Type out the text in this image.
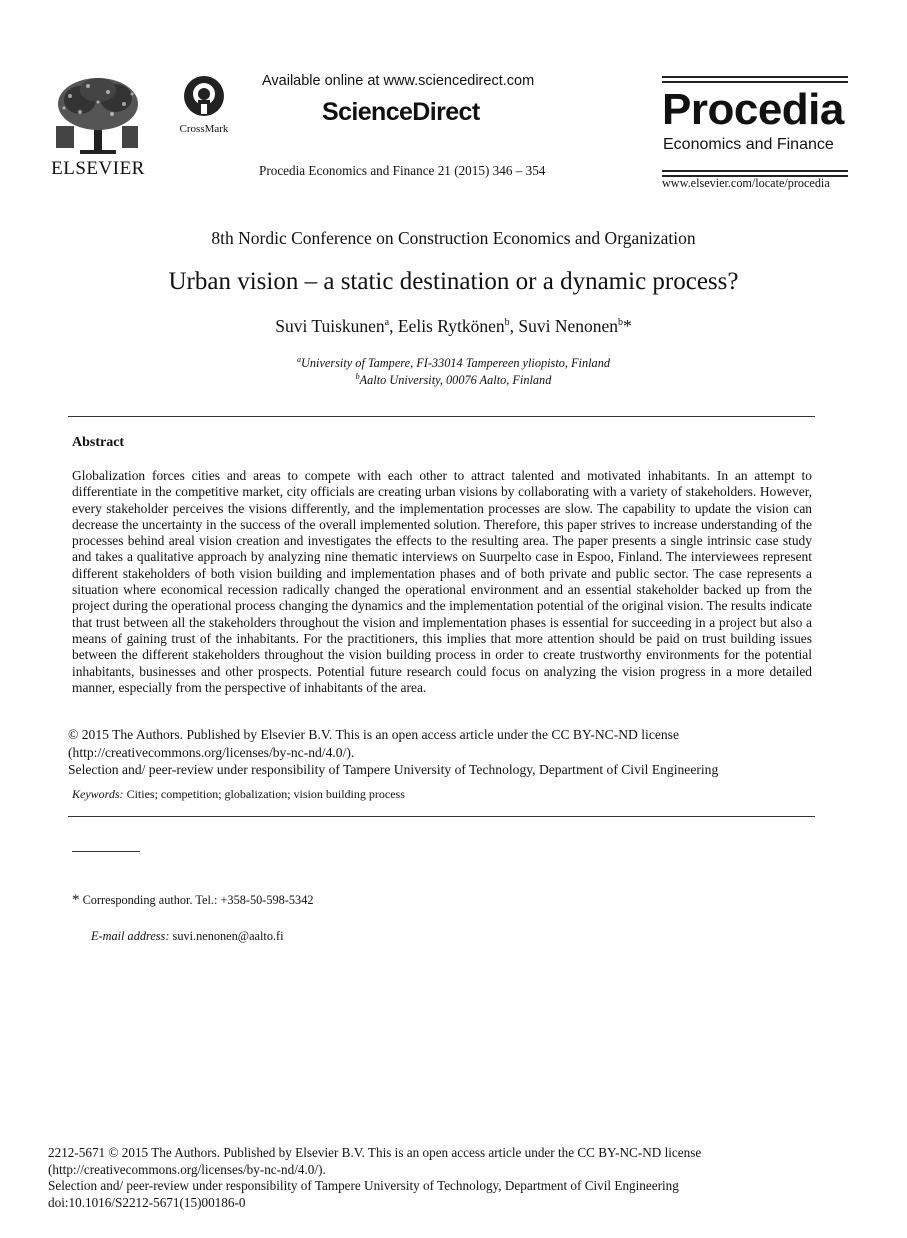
ELSEVIER
CrossMark
Available online at www.sciencedirect.com
ScienceDirect
Procedia Economics and Finance 21 (2015) 346 – 354
Procedia
Economics and Finance
www.elsevier.com/locate/procedia
8th Nordic Conference on Construction Economics and Organization
Urban vision – a static destination or a dynamic process?
Suvi Tuiskunen$^a$, Eelis Rytkönen$^b$, Suvi Nenonen$^b$*
$^a$University of Tampere, FI-33014 Tampereen yliopisto, Finland
$^b$Aalto University, 00076 Aalto, Finland
Abstract
Globalization forces cities and areas to compete with each other to attract talented and motivated inhabitants. In an attempt to differentiate in the competitive market, city officials are creating urban visions by collaborating with a variety of stakeholders. However, every stakeholder perceives the visions differently, and the implementation processes are slow. The capability to update the vision can decrease the uncertainty in the success of the overall implemented solution. Therefore, this paper strives to increase understanding of the processes behind areal vision creation and investigates the effects to the resulting area. The paper presents a single intrinsic case study and takes a qualitative approach by analyzing nine thematic interviews on Suurpelto case in Espoo, Finland. The interviewees represent different stakeholders of both vision building and implementation phases and of both private and public sector. The case represents a situation where economical recession radically changed the operational environment and an essential stakeholder backed up from the project during the operational process changing the dynamics and the implementation potential of the original vision. The results indicate that trust between all the stakeholders throughout the vision and implementation phases is essential for succeeding in a project but also a means of gaining trust of the inhabitants. For the practitioners, this implies that more attention should be paid on trust building issues between the different stakeholders throughout the vision building process in order to create trustworthy environments for the potential inhabitants, businesses and other prospects. Potential future research could focus on analyzing the vision progress in a more detailed manner, especially from the perspective of inhabitants of the area.
© 2015 The Authors. Published by Elsevier B.V. This is an open access article under the CC BY-NC-ND license
(http://creativecommons.org/licenses/by-nc-nd/4.0/).
Selection and/ peer-review under responsibility of Tampere University of Technology, Department of Civil Engineering
Keywords: Cities; competition; globalization; vision building process
* Corresponding author. Tel.: +358-50-598-5342
E-mail address: suvi.nenonen@aalto.fi
2212-5671 © 2015 The Authors. Published by Elsevier B.V. This is an open access article under the CC BY-NC-ND license
(http://creativecommons.org/licenses/by-nc-nd/4.0/).
Selection and/ peer-review under responsibility of Tampere University of Technology, Department of Civil Engineering
doi:10.1016/S2212-5671(15)00186-0
